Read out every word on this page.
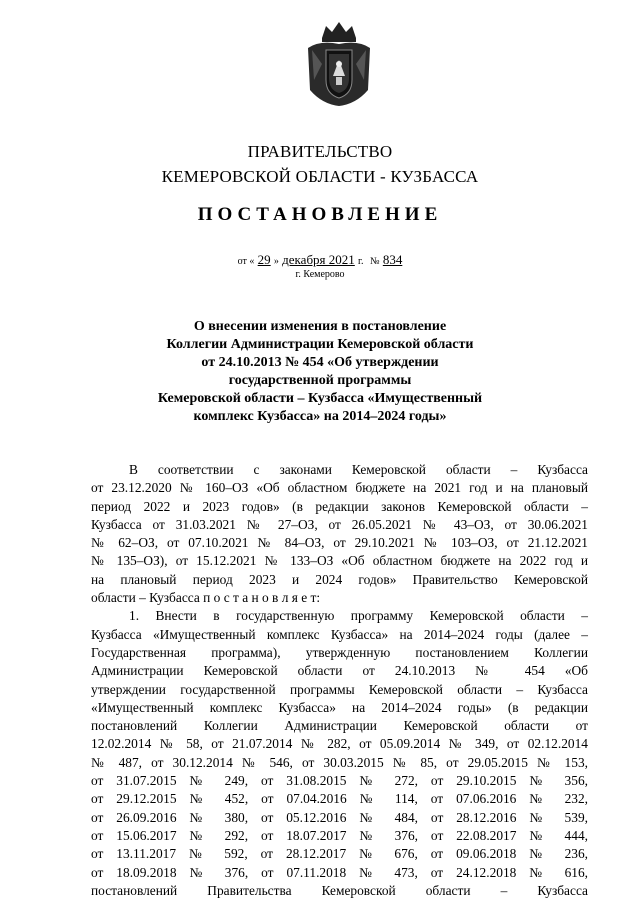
ПРАВИТЕЛЬСТВО
КЕМЕРОВСКОЙ ОБЛАСТИ - КУЗБАССА
ПОСТАНОВЛЕНИЕ
от « 29 » декабря 2021 г. № 834
г. Кемерово
О внесении изменения в постановление
Коллегии Администрации Кемеровской области
от 24.10.2013 № 454 «Об утверждении
государственной программы
Кемеровской области – Кузбасса «Имущественный
комплекс Кузбасса» на 2014–2024 годы»
В соответствии с законами Кемеровской области – Кузбасса
от 23.12.2020 № 160–ОЗ «Об областном бюджете на 2021 год и на плановый
период 2022 и 2023 годов» (в редакции законов Кемеровской области –
Кузбасса от 31.03.2021 № 27–ОЗ, от 26.05.2021 № 43–ОЗ, от 30.06.2021
№ 62–ОЗ, от 07.10.2021 № 84–ОЗ, от 29.10.2021 № 103–ОЗ, от 21.12.2021
№ 135–ОЗ), от 15.12.2021 № 133–ОЗ «Об областном бюджете на 2022 год и
на плановый период 2023 и 2024 годов» Правительство Кемеровской
области – Кузбасса п о с т а н о в л я е т:
1. Внести в государственную программу Кемеровской области –
Кузбасса «Имущественный комплекс Кузбасса» на 2014–2024 годы (далее –
Государственная программа), утвержденную постановлением Коллегии
Администрации Кемеровской области от 24.10.2013 № 454 «Об
утверждении государственной программы Кемеровской области – Кузбасса
«Имущественный комплекс Кузбасса» на 2014–2024 годы» (в редакции
постановлений Коллегии Администрации Кемеровской области от
12.02.2014 № 58, от 21.07.2014 № 282, от 05.09.2014 № 349, от 02.12.2014
№ 487, от 30.12.2014 № 546, от 30.03.2015 № 85, от 29.05.2015 № 153,
от 31.07.2015 № 249, от 31.08.2015 № 272, от 29.10.2015 № 356,
от 29.12.2015 № 452, от 07.04.2016 № 114, от 07.06.2016 № 232,
от 26.09.2016 № 380, от 05.12.2016 № 484, от 28.12.2016 № 539,
от 15.06.2017 № 292, от 18.07.2017 № 376, от 22.08.2017 № 444,
от 13.11.2017 № 592, от 28.12.2017 № 676, от 09.06.2018 № 236,
от 18.09.2018 № 376, от 07.11.2018 № 473, от 24.12.2018 № 616,
постановлений Правительства Кемеровской области – Кузбасса
